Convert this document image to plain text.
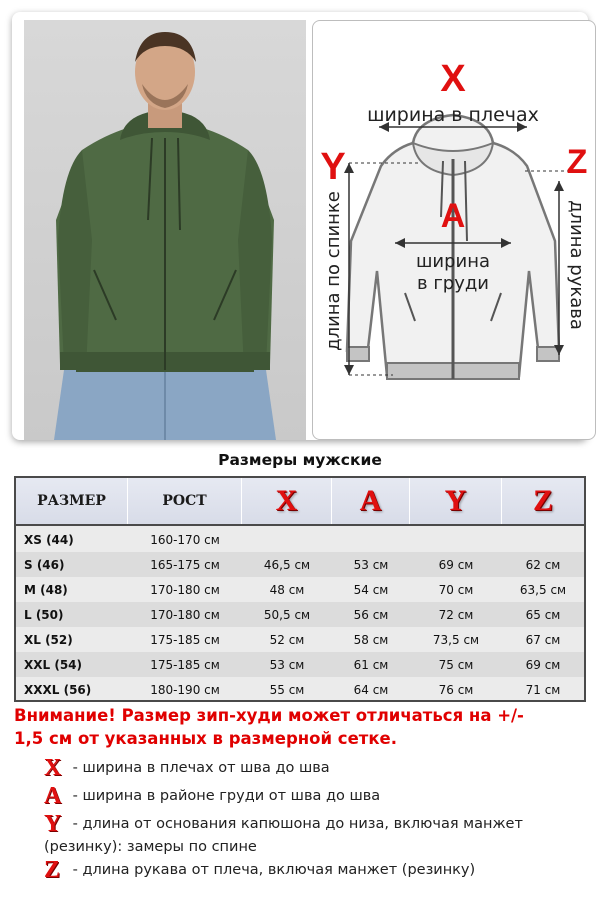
X
A
Y	Z
ширина в плечах
ширина
в груди
длина по спинке	длина рукава
Размеры мужские
РАЗМЕР	РОСТ	X	A	Y	Z
XS (44)	160-170 см
S (46)	165-175 см	46,5 см	53 см	69 см	62 см
M (48)	170-180 см	48 см	54 см	70 см	63,5 см
L (50)	170-180 см	50,5 см	56 см	72 см	65 см
XL (52)	175-185 см	52 см	58 см	73,5 см	67 см
XXL (54)	175-185 см	53 см	61 см	75 см	69 см
XXXL (56)	180-190 см	55 см	64 см	76 см	71 см
Внимание! Размер зип-худи может отличаться на +/-
1,5 см от указанных в размерной сетке.
X - ширина в плечах от шва до шва
A - ширина в районе груди от шва до шва
Y - длина от основания капюшона до низа, включая манжет
(резинку): замеры по спине
Z - длина рукава от плеча, включая манжет (резинку)
